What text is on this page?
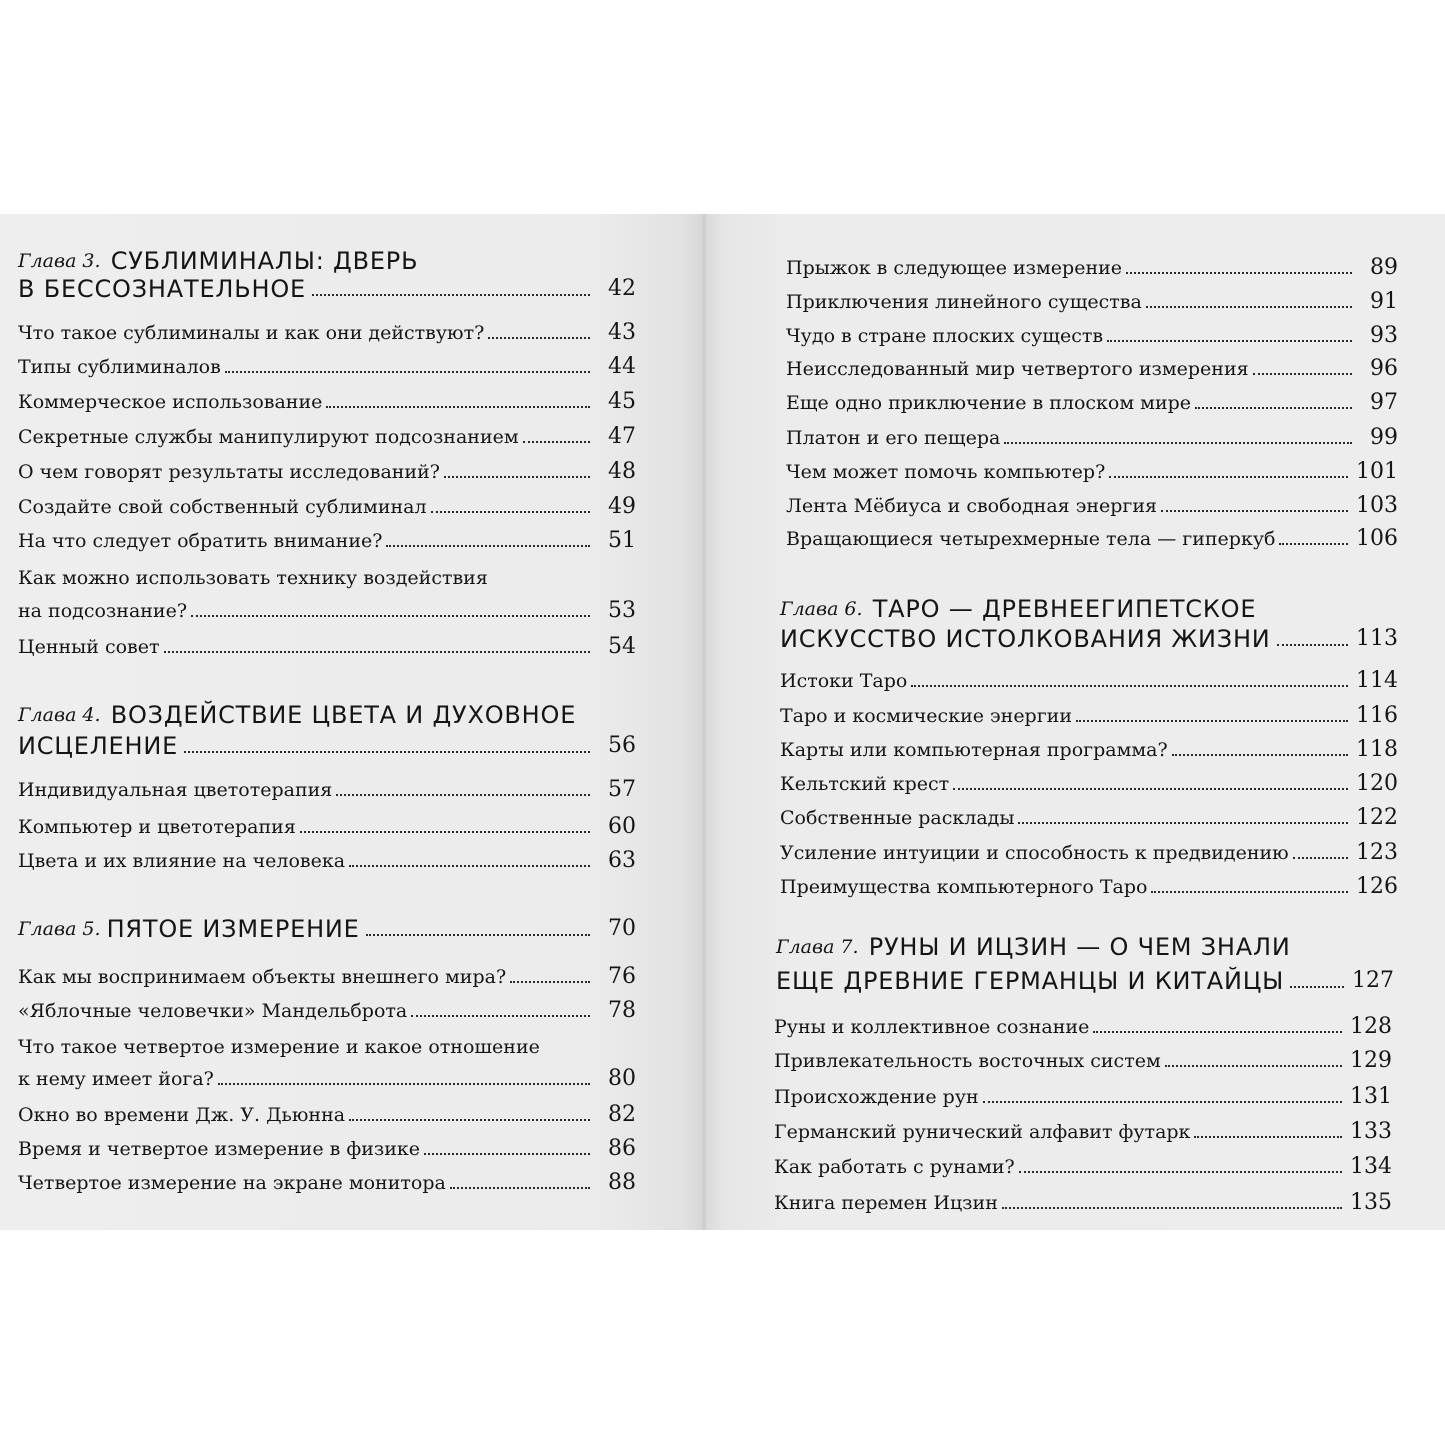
Глава 3.
СУБЛИМИНАЛЫ: ДВЕРЬ
В БЕССОЗНАТЕЛЬНОЕ	42
Что такое сублиминалы и как они действуют?	43
Типы сублиминалов	44
Коммерческое использование	45
Секретные службы манипулируют подсознанием	47
О чем говорят результаты исследований?	48
Создайте свой собственный сублиминал	49
На что следует обратить внимание?	51
Как можно использовать технику воздействия
на подсознание?	53
Ценный совет	54
Глава 4.
ВОЗДЕЙСТВИЕ ЦВЕТА И ДУХОВНОЕ
ИСЦЕЛЕНИЕ	56
Индивидуальная цветотерапия	57
Компьютер и цветотерапия	60
Цвета и их влияние на человека	63
Глава 5. ПЯТОЕ ИЗМЕРЕНИЕ	70
Как мы воспринимаем объекты внешнего мира?	76
«Яблочные человечки» Мандельброта	78
Что такое четвертое измерение и какое отношение
к нему имеет йога?	80
Окно во времени Дж. У. Дьюнна	82
Время и четвертое измерение в физике	86
Четвертое измерение на экране монитора	88
Прыжок в следующее измерение	89
Приключения линейного существа	91
Чудо в стране плоских существ	93
Неисследованный мир четвертого измерения	96
Еще одно приключение в плоском мире	97
Платон и его пещера	99
Чем может помочь компьютер?	101
Лента Мёбиуса и свободная энергия	103
Вращающиеся четырехмерные тела — гиперкуб	106
Глава 6.
ТАРО — ДРЕВНЕЕГИПЕТСКОЕ
ИСКУССТВО ИСТОЛКОВАНИЯ ЖИЗНИ	113
Истоки Таро	114
Таро и космические энергии	116
Карты или компьютерная программа?	118
Кельтский крест	120
Собственные расклады	122
Усиление интуиции и способность к предвидению	123
Преимущества компьютерного Таро	126
Глава 7.
РУНЫ И ИЦЗИН — О ЧЕМ ЗНАЛИ
ЕЩЕ ДРЕВНИЕ ГЕРМАНЦЫ И КИТАЙЦЫ	127
Руны и коллективное сознание	128
Привлекательность восточных систем	129
Происхождение рун	131
Германский рунический алфавит футарк	133
Как работать с рунами?	134
Книга перемен Ицзин	135
